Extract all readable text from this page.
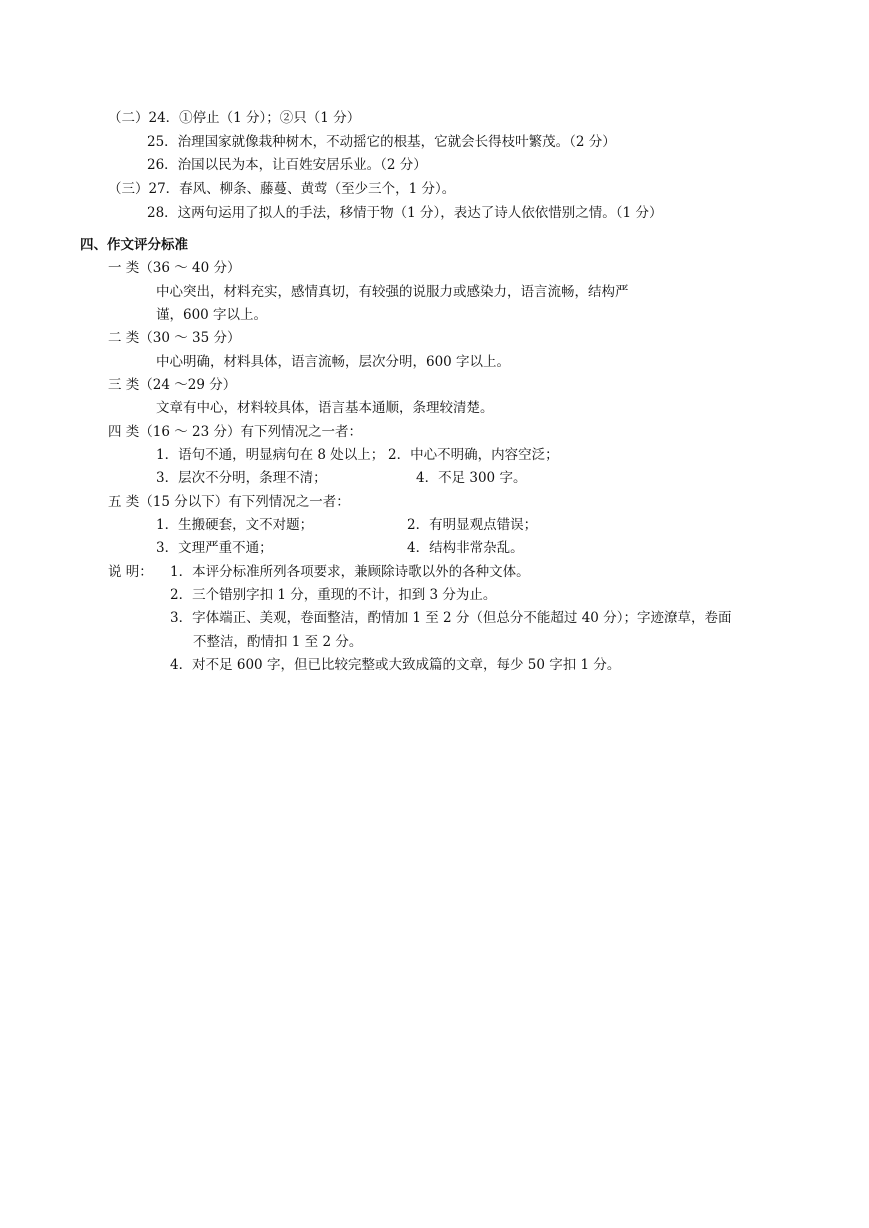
（二）24．①停止（1 分）；②只（1 分）
25．治理国家就像栽种树木，不动摇它的根基，它就会长得枝叶繁茂。（2 分）
26．治国以民为本，让百姓安居乐业。（2 分）
（三）27．春风、柳条、藤蔓、黄莺（至少三个，1 分）。
28．这两句运用了拟人的手法，移情于物（1 分），表达了诗人依依惜别之情。（1 分）
四、作文评分标准
一 类（36 ～ 40 分）
中心突出，材料充实，感情真切，有较强的说服力或感染力，语言流畅，结构严
谨，600 字以上。
二 类（30 ～ 35 分）
中心明确，材料具体，语言流畅，层次分明，600 字以上。
三 类（24 ～29 分）
文章有中心，材料较具体，语言基本通顺，条理较清楚。
四 类（16 ～ 23 分）有下列情况之一者：
1．语句不通，明显病句在 8 处以上； 2．中心不明确，内容空泛；
3．层次不分明，条理不清；	4．不足 300 字。
五 类（15 分以下）有下列情况之一者：
1．生搬硬套，文不对题；	2．有明显观点错误；
3．文理严重不通；	4．结构非常杂乱。
说 明： 1．本评分标准所列各项要求，兼顾除诗歌以外的各种文体。
2．三个错别字扣 1 分，重现的不计，扣到 3 分为止。
3．字体端正、美观，卷面整洁，酌情加 1 至 2 分（但总分不能超过 40 分）；字迹潦草，卷面
不整洁，酌情扣 1 至 2 分。
4．对不足 600 字，但已比较完整或大致成篇的文章，每少 50 字扣 1 分。
